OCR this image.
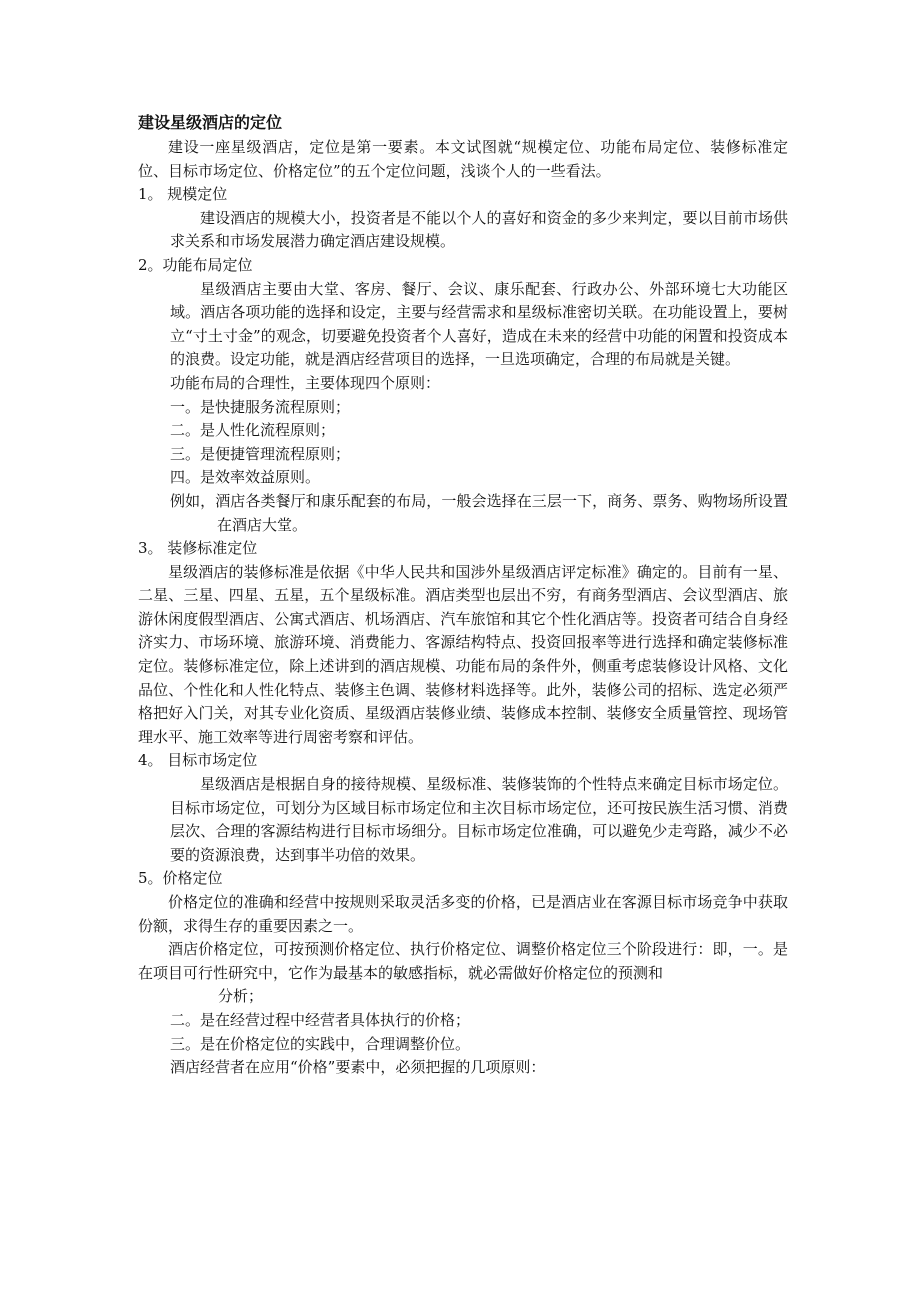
建设星级酒店的定位

建设一座星级酒店，定位是第一要素。本文试图就“规模定位、功能布局定位、装修标准定位、目标市场定位、价格定位”的五个定位问题，浅谈个人的一些看法。

1。 规模定位

建设酒店的规模大小，投资者是不能以个人的喜好和资金的多少来判定，要以目前市场供求关系和市场发展潜力确定酒店建设规模。

2。功能布局定位

星级酒店主要由大堂、客房、餐厅、会议、康乐配套、行政办公、外部环境七大功能区域。酒店各项功能的选择和设定，主要与经营需求和星级标准密切关联。在功能设置上，要树立“寸土寸金”的观念，切要避免投资者个人喜好，造成在未来的经营中功能的闲置和投资成本的浪费。设定功能，就是酒店经营项目的选择，一旦选项确定，合理的布局就是关键。

功能布局的合理性，主要体现四个原则：

一。是快捷服务流程原则；

二。是人性化流程原则；

三。是便捷管理流程原则；

四。是效率效益原则。

例如，酒店各类餐厅和康乐配套的布局，一般会选择在三层一下，商务、票务、购物场所设置在酒店大堂。

3。 装修标准定位

星级酒店的装修标准是依据《中华人民共和国涉外星级酒店评定标准》确定的。目前有一星、二星、三星、四星、五星，五个星级标准。酒店类型也层出不穷，有商务型酒店、会议型酒店、旅游休闲度假型酒店、公寓式酒店、机场酒店、汽车旅馆和其它个性化酒店等。投资者可结合自身经济实力、市场环境、旅游环境、消费能力、客源结构特点、投资回报率等进行选择和确定装修标准定位。装修标准定位，除上述讲到的酒店规模、功能布局的条件外，侧重考虑装修设计风格、文化品位、个性化和人性化特点、装修主色调、装修材料选择等。此外，装修公司的招标、选定必须严格把好入门关，对其专业化资质、星级酒店装修业绩、装修成本控制、装修安全质量管控、现场管理水平、施工效率等进行周密考察和评估。

4。 目标市场定位

星级酒店是根据自身的接待规模、星级标准、装修装饰的个性特点来确定目标市场定位。目标市场定位，可划分为区域目标市场定位和主次目标市场定位，还可按民族生活习惯、消费层次、合理的客源结构进行目标市场细分。目标市场定位准确，可以避免少走弯路，减少不必要的资源浪费，达到事半功倍的效果。

5。价格定位

价格定位的准确和经营中按规则采取灵活多变的价格，已是酒店业在客源目标市场竞争中获取份额，求得生存的重要因素之一。

酒店价格定位，可按预测价格定位、执行价格定位、调整价格定位三个阶段进行：即，一。是在项目可行性研究中，它作为最基本的敏感指标，就必需做好价格定位的预测和

分析；

二。是在经营过程中经营者具体执行的价格；

三。是在价格定位的实践中，合理调整价位。

酒店经营者在应用“价格”要素中，必须把握的几项原则：
